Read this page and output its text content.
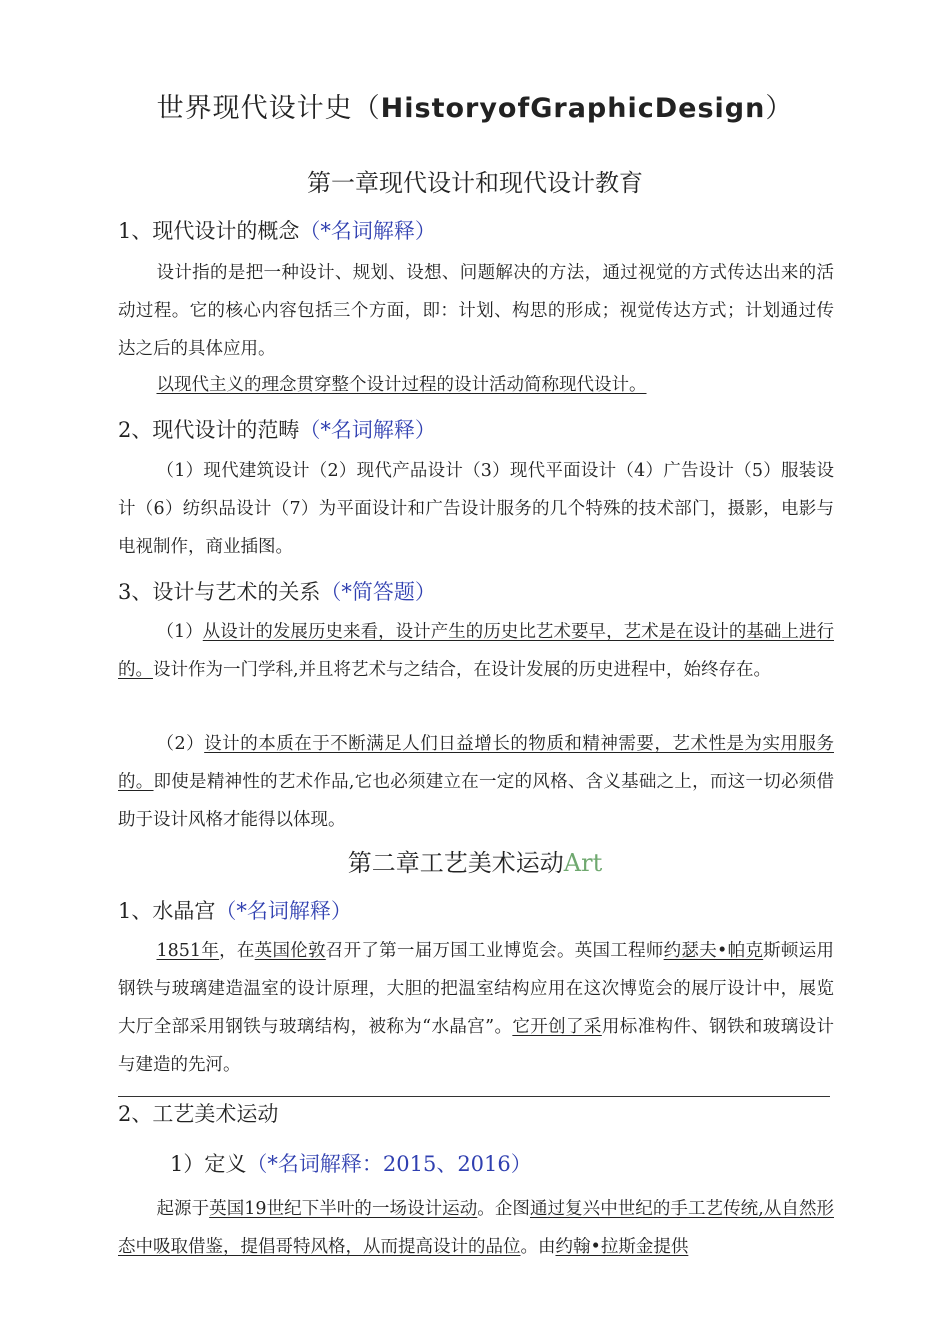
世界现代设计史（HistoryofGraphicDesign）
第一章现代设计和现代设计教育
1、现代设计的概念（*名词解释）
设计指的是把一种设计、规划、设想、问题解决的方法，通过视觉的方式传达出来的活动过程。它的核心内容包括三个方面，即：计划、构思的形成；视觉传达方式；计划通过传达之后的具体应用。
以现代主义的理念贯穿整个设计过程的设计活动简称现代设计。
2、现代设计的范畴（*名词解释）
（1）现代建筑设计（2）现代产品设计（3）现代平面设计（4）广告设计（5）服装设计（6）纺织品设计（7）为平面设计和广告设计服务的几个特殊的技术部门，摄影，电影与电视制作，商业插图。
3、设计与艺术的关系（*简答题）
（1）从设计的发展历史来看，设计产生的历史比艺术要早，艺术是在设计的基础上进行的。设计作为一门学科,并且将艺术与之结合，在设计发展的历史进程中，始终存在。
（2）设计的本质在于不断满足人们日益增长的物质和精神需要，艺术性是为实用服务的。即使是精神性的艺术作品,它也必须建立在一定的风格、含义基础之上，而这一切必须借助于设计风格才能得以体现。
第二章工艺美术运动Art
1、水晶宫（*名词解释）
1851年，在英国伦敦召开了第一届万国工业博览会。英国工程师约瑟夫•帕克斯顿运用钢铁与玻璃建造温室的设计原理，大胆的把温室结构应用在这次博览会的展厅设计中，展览大厅全部采用钢铁与玻璃结构，被称为“水晶宫”。它开创了采用标准构件、钢铁和玻璃设计与建造的先河。
2、工艺美术运动
1）定义（*名词解释：2015、2016）
起源于英国19世纪下半叶的一场设计运动。企图通过复兴中世纪的手工艺传统,从自然形态中吸取借鉴，提倡哥特风格，从而提高设计的品位。由约翰•拉斯金提供
